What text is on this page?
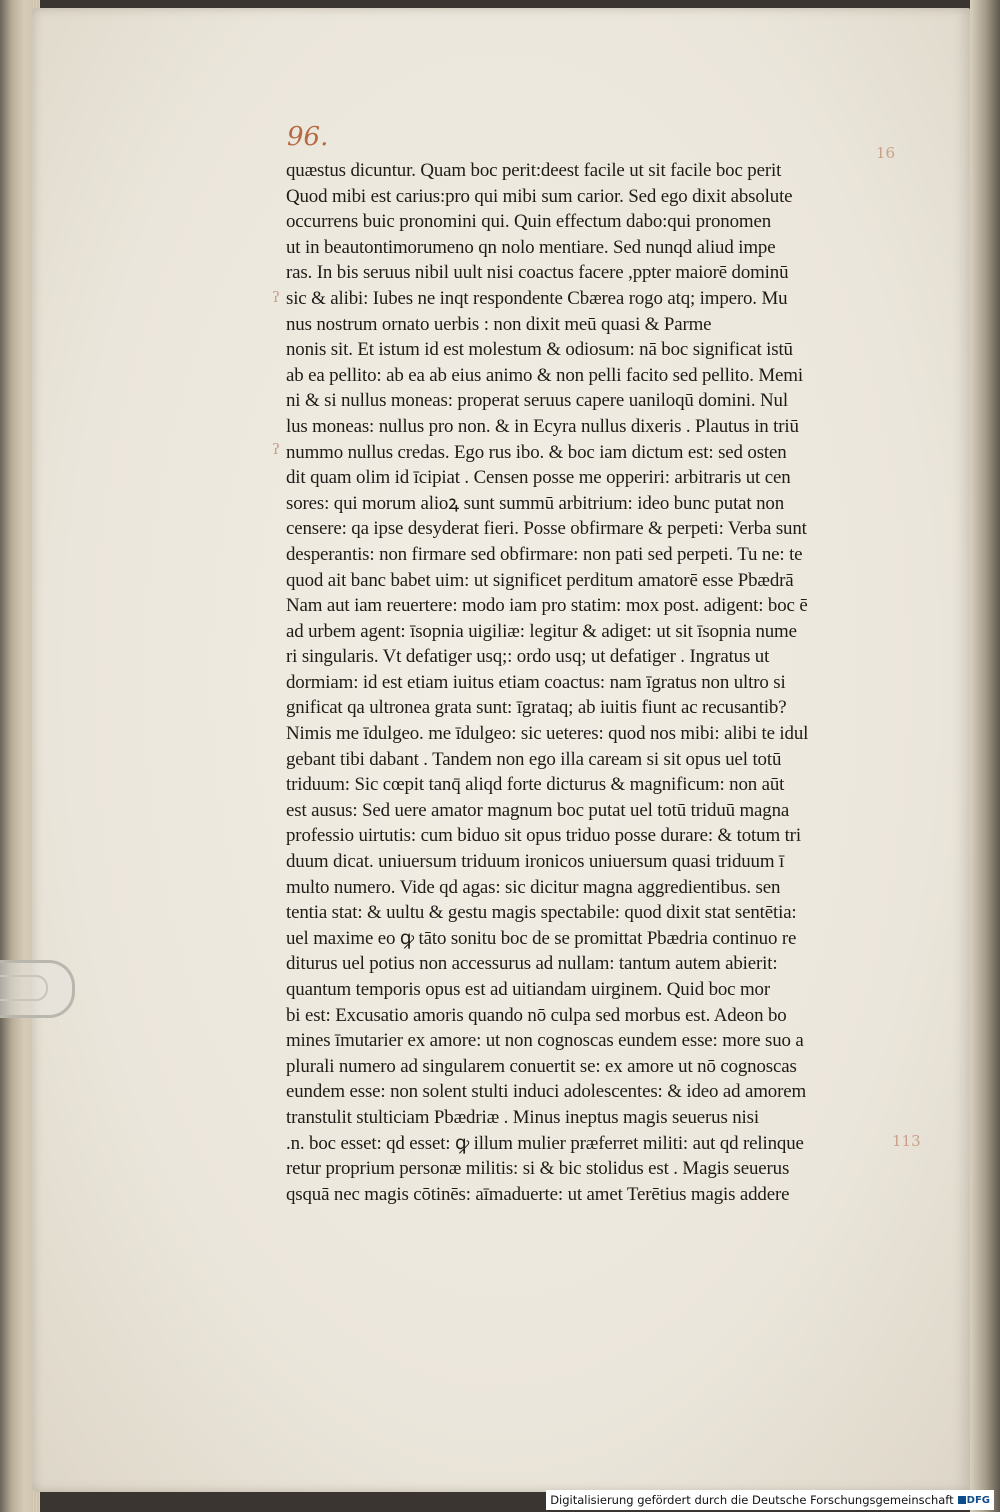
96.
16
ʔ
ʔ
113
quæstus dicuntur. Quam boc perit:deest facile ut sit facile boc perit
Quod mibi est carius:pro qui mibi sum carior. Sed ego dixit absolute
occurrens buic pronomini qui. Quin effectum dabo:qui pronomen
ut in beautontimorumeno qn nolo mentiare. Sed nunqd aliud impe
ras. In bis seruus nibil uult nisi coactus facere ,ppter maiorē dominū
sic & alibi: Iubes ne inqt respondente Cbærea rogo atq; impero. Mu
nus nostrum ornato uerbis : non dixit meū quasi & Parme
nonis sit. Et istum id est molestum & odiosum: nā boc significat istū
ab ea pellito: ab ea ab eius animo & non pelli facito sed pellito. Memi
ni & si nullus moneas: properat seruus capere uaniloqū domini. Nul
lus moneas: nullus pro non. & in Ecyra nullus dixeris . Plautus in triū
nummo nullus credas. Ego rus ibo. & boc iam dictum est: sed osten
dit quam olim id īcipiat . Censen posse me opperiri: arbitraris ut cen
sores: qui morum alioꝝ sunt summū arbitrium: ideo bunc putat non
censere: qa ipse desyderat fieri. Posse obfirmare & perpeti: Verba sunt
desperantis: non firmare sed obfirmare: non pati sed perpeti. Tu ne: te
quod ait banc babet uim: ut significet perditum amatorē esse Pbædrā
Nam aut iam reuertere: modo iam pro statim: mox post. adigent: boc ē
ad urbem agent: īsopnia uigiliæ: legitur & adiget: ut sit īsopnia nume
ri singularis. Vt defatiger usq;: ordo usq; ut defatiger . Ingratus ut
dormiam: id est etiam iuitus etiam coactus: nam īgratus non ultro si
gnificat qa ultronea grata sunt: īgrataq; ab iuitis fiunt ac recusantib?
Nimis me īdulgeo. me īdulgeo: sic ueteres: quod nos mibi: alibi te idul
gebant tibi dabant . Tandem non ego illa caream si sit opus uel totū
triduum: Sic cœpit tanq̄ aliqd forte dicturus & magnificum: non aūt
est ausus: Sed uere amator magnum boc putat uel totū triduū magna
professio uirtutis: cum biduo sit opus triduo posse durare: & totum tri
duum dicat. uniuersum triduum ironicos uniuersum quasi triduum ī
multo numero. Vide qd agas: sic dicitur magna aggredientibus. sen
tentia stat: & uultu & gestu magis spectabile: quod dixit stat sentētia:
uel maxime eo ꝙ tāto sonitu boc de se promittat Pbædria continuo re
diturus uel potius non accessurus ad nullam: tantum autem abierit:
quantum temporis opus est ad uitiandam uirginem. Quid boc mor
bi est: Excusatio amoris quando nō culpa sed morbus est. Adeon bo
mines īmutarier ex amore: ut non cognoscas eundem esse: more suo a
plurali numero ad singularem conuertit se: ex amore ut nō cognoscas
eundem esse: non solent stulti induci adolescentes: & ideo ad amorem
transtulit stulticiam Pbædriæ . Minus ineptus magis seuerus nisi
.n. boc esset: qd esset: ꝙ illum mulier præferret militi: aut qd relinque
retur proprium personæ militis: si & bic stolidus est . Magis seuerus
qsquā nec magis cōtinēs: aīmaduerte: ut amet Terētius magis addere
Digitalisierung gefördert durch die Deutsche Forschungsgemeinschaft DFG
